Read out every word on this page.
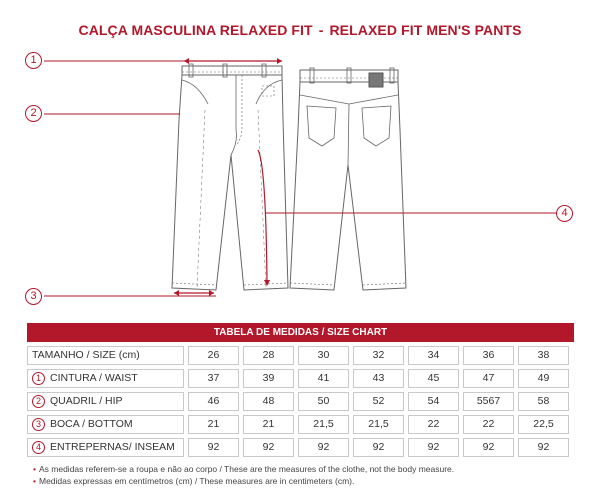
CALÇA MASCULINA RELAXED FIT - RELAXED FIT MEN'S PANTS
1
2
3
4
TABELA DE MEDIDAS / SIZE CHART
TAMANHO / SIZE (cm)	26	28	30	32	34	36	38
1 CINTURA / WAIST	37	39	41	43	45	47	49
2 QUADRIL / HIP	46	48	50	52	54	5567	58
3 BOCA / BOTTOM	21	21	21,5	21,5	22	22	22,5
4 ENTREPERNAS/ INSEAM	92	92	92	92	92	92	92
• As medidas referem-se a roupa e não ao corpo / These are the measures of the clothe, not the body measure.
• Medidas expressas em centímetros (cm) / These measures are in centimeters (cm).
